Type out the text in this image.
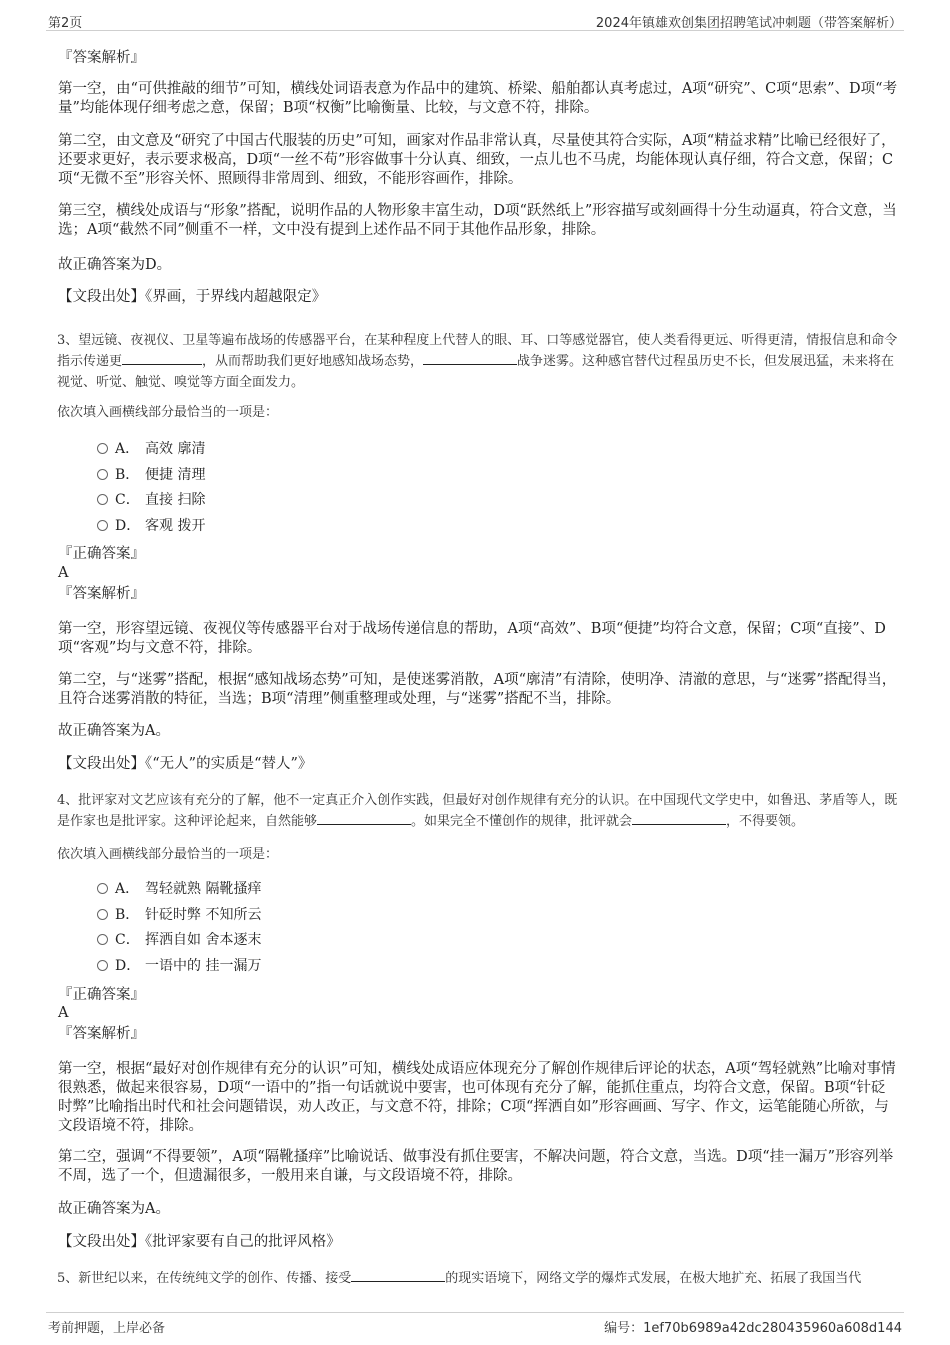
第2页	2024年镇雄欢创集团招聘笔试冲刺题（带答案解析）
『答案解析』
第一空，由“可供推敲的细节”可知，横线处词语表意为作品中的建筑、桥梁、船舶都认真考虑过，A项“研究”、C项“思索”、D项“考量”均能体现仔细考虑之意，保留；B项“权衡”比喻衡量、比较，与文意不符，排除。
第二空，由文意及“研究了中国古代服装的历史”可知，画家对作品非常认真，尽量使其符合实际，A项“精益求精”比喻已经很好了，还要求更好，表示要求极高，D项“一丝不苟”形容做事十分认真、细致，一点儿也不马虎，均能体现认真仔细，符合文意，保留；C项“无微不至”形容关怀、照顾得非常周到、细致，不能形容画作，排除。
第三空，横线处成语与“形象”搭配，说明作品的人物形象丰富生动，D项“跃然纸上”形容描写或刻画得十分生动逼真，符合文意，当选；A项“截然不同”侧重不一样，文中没有提到上述作品不同于其他作品形象，排除。
故正确答案为D。
【文段出处】《界画，于界线内超越限定》
3、望远镜、夜视仪、卫星等遍布战场的传感器平台，在某种程度上代替人的眼、耳、口等感觉器官，使人类看得更远、听得更清，情报信息和命令指示传递更	，从而帮助我们更好地感知战场态势，	战争迷雾。这种感官替代过程虽历史不长，但发展迅猛，未来将在视觉、听觉、触觉、嗅觉等方面全面发力。
依次填入画横线部分最恰当的一项是：
A． 高效 廓清
B． 便捷 清理
C． 直接 扫除
D． 客观 拨开
『正确答案』
A
『答案解析』
第一空，形容望远镜、夜视仪等传感器平台对于战场传递信息的帮助，A项“高效”、B项“便捷”均符合文意，保留；C项“直接”、D项“客观”均与文意不符，排除。
第二空，与“迷雾”搭配，根据“感知战场态势”可知，是使迷雾消散，A项“廓清”有清除，使明净、清澈的意思，与“迷雾”搭配得当，且符合迷雾消散的特征，当选；B项“清理”侧重整理或处理，与“迷雾”搭配不当，排除。
故正确答案为A。
【文段出处】《“无人”的实质是“替人”》
4、批评家对文艺应该有充分的了解，他不一定真正介入创作实践，但最好对创作规律有充分的认识。在中国现代文学史中，如鲁迅、茅盾等人，既是作家也是批评家。这种评论起来，自然能够	。如果完全不懂创作的规律，批评就会	，不得要领。
依次填入画横线部分最恰当的一项是：
A． 驾轻就熟 隔靴搔痒
B． 针砭时弊 不知所云
C． 挥洒自如 舍本逐末
D． 一语中的 挂一漏万
『正确答案』
A
『答案解析』
第一空，根据“最好对创作规律有充分的认识”可知，横线处成语应体现充分了解创作规律后评论的状态，A项“驾轻就熟”比喻对事情很熟悉，做起来很容易，D项“一语中的”指一句话就说中要害，也可体现有充分了解，能抓住重点，均符合文意，保留。B项“针砭时弊”比喻指出时代和社会问题错误，劝人改正，与文意不符，排除；C项“挥洒自如”形容画画、写字、作文，运笔能随心所欲，与文段语境不符，排除。
第二空，强调“不得要领”，A项“隔靴搔痒”比喻说话、做事没有抓住要害，不解决问题，符合文意，当选。D项“挂一漏万”形容列举不周，选了一个，但遗漏很多，一般用来自谦，与文段语境不符，排除。
故正确答案为A。
【文段出处】《批评家要有自己的批评风格》
5、新世纪以来，在传统纯文学的创作、传播、接受	的现实语境下，网络文学的爆炸式发展，在极大地扩充、拓展了我国当代
考前押题，上岸必备	编号：1ef70b6989a42dc280435960a608d144
